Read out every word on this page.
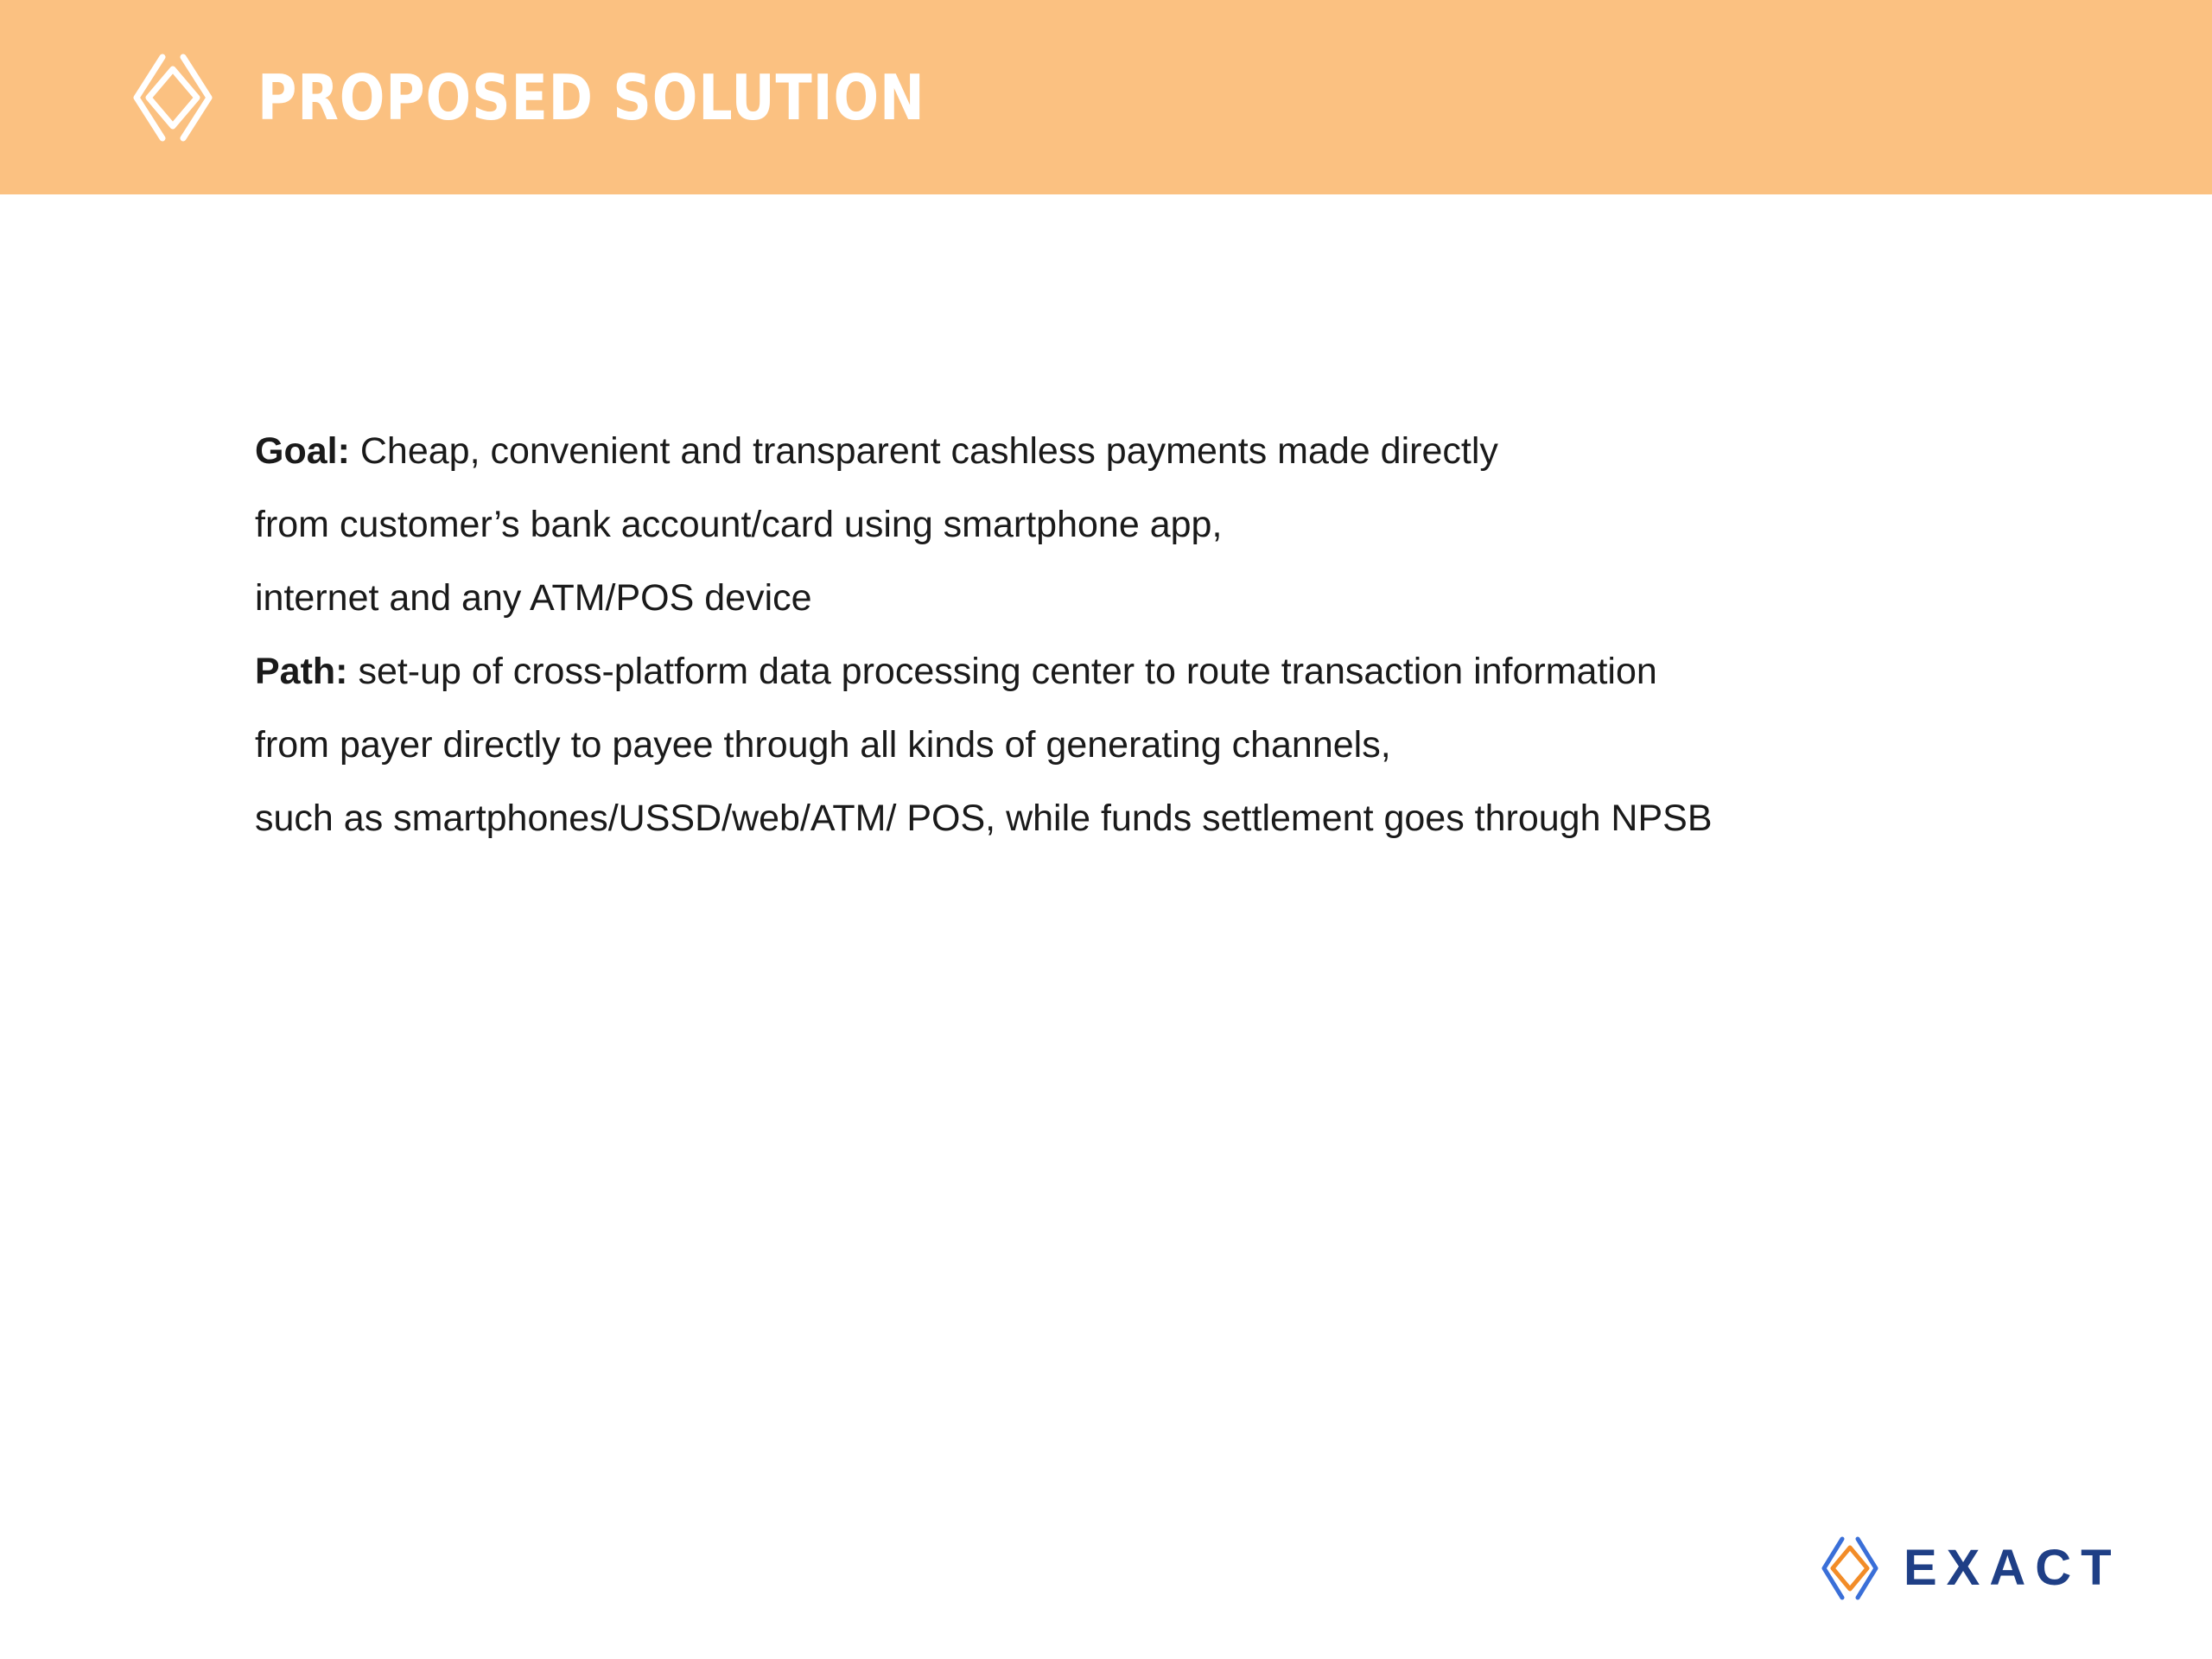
PROPOSED SOLUTION
Goal: Cheap, convenient and transparent cashless payments made directly
from customer’s bank account/card using smartphone app,
internet and any ATM/POS device
Path: set-up of cross-platform data processing center to route transaction information
from payer directly to payee through all kinds of generating channels,
such as smartphones/USSD/web/ATM/ POS, while funds settlement goes through NPSB
EXACT
